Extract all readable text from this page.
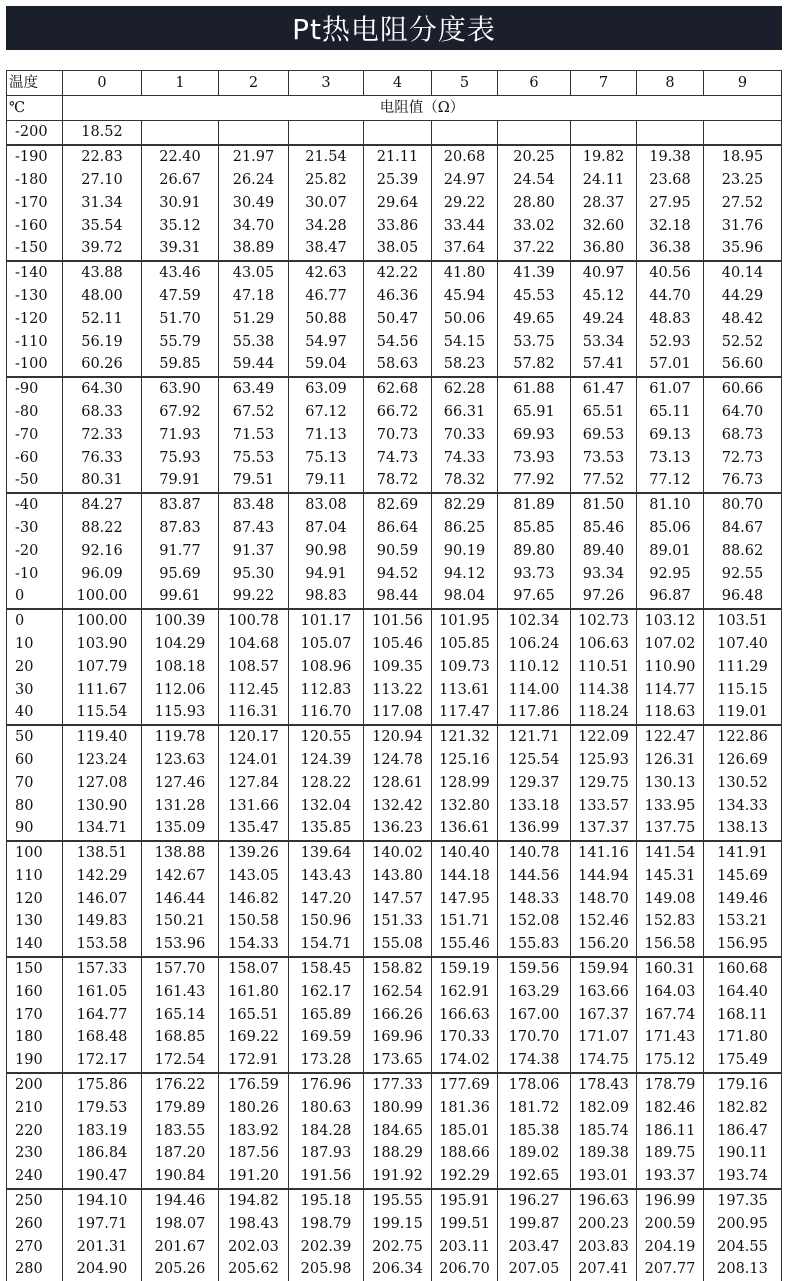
Pt热电阻分度表
温度	0	1	2	3	4	5	6	7	8	9
℃	电阻值（Ω）									
-200	18.52									
-190	22.83	22.40	21.97	21.54	21.11	20.68	20.25	19.82	19.38	18.95
-180	27.10	26.67	26.24	25.82	25.39	24.97	24.54	24.11	23.68	23.25
-170	31.34	30.91	30.49	30.07	29.64	29.22	28.80	28.37	27.95	27.52
-160	35.54	35.12	34.70	34.28	33.86	33.44	33.02	32.60	32.18	31.76
-150	39.72	39.31	38.89	38.47	38.05	37.64	37.22	36.80	36.38	35.96
-140	43.88	43.46	43.05	42.63	42.22	41.80	41.39	40.97	40.56	40.14
-130	48.00	47.59	47.18	46.77	46.36	45.94	45.53	45.12	44.70	44.29
-120	52.11	51.70	51.29	50.88	50.47	50.06	49.65	49.24	48.83	48.42
-110	56.19	55.79	55.38	54.97	54.56	54.15	53.75	53.34	52.93	52.52
-100	60.26	59.85	59.44	59.04	58.63	58.23	57.82	57.41	57.01	56.60
-90	64.30	63.90	63.49	63.09	62.68	62.28	61.88	61.47	61.07	60.66
-80	68.33	67.92	67.52	67.12	66.72	66.31	65.91	65.51	65.11	64.70
-70	72.33	71.93	71.53	71.13	70.73	70.33	69.93	69.53	69.13	68.73
-60	76.33	75.93	75.53	75.13	74.73	74.33	73.93	73.53	73.13	72.73
-50	80.31	79.91	79.51	79.11	78.72	78.32	77.92	77.52	77.12	76.73
-40	84.27	83.87	83.48	83.08	82.69	82.29	81.89	81.50	81.10	80.70
-30	88.22	87.83	87.43	87.04	86.64	86.25	85.85	85.46	85.06	84.67
-20	92.16	91.77	91.37	90.98	90.59	90.19	89.80	89.40	89.01	88.62
-10	96.09	95.69	95.30	94.91	94.52	94.12	93.73	93.34	92.95	92.55
0	100.00	99.61	99.22	98.83	98.44	98.04	97.65	97.26	96.87	96.48
0	100.00	100.39	100.78	101.17	101.56	101.95	102.34	102.73	103.12	103.51
10	103.90	104.29	104.68	105.07	105.46	105.85	106.24	106.63	107.02	107.40
20	107.79	108.18	108.57	108.96	109.35	109.73	110.12	110.51	110.90	111.29
30	111.67	112.06	112.45	112.83	113.22	113.61	114.00	114.38	114.77	115.15
40	115.54	115.93	116.31	116.70	117.08	117.47	117.86	118.24	118.63	119.01
50	119.40	119.78	120.17	120.55	120.94	121.32	121.71	122.09	122.47	122.86
60	123.24	123.63	124.01	124.39	124.78	125.16	125.54	125.93	126.31	126.69
70	127.08	127.46	127.84	128.22	128.61	128.99	129.37	129.75	130.13	130.52
80	130.90	131.28	131.66	132.04	132.42	132.80	133.18	133.57	133.95	134.33
90	134.71	135.09	135.47	135.85	136.23	136.61	136.99	137.37	137.75	138.13
100	138.51	138.88	139.26	139.64	140.02	140.40	140.78	141.16	141.54	141.91
110	142.29	142.67	143.05	143.43	143.80	144.18	144.56	144.94	145.31	145.69
120	146.07	146.44	146.82	147.20	147.57	147.95	148.33	148.70	149.08	149.46
130	149.83	150.21	150.58	150.96	151.33	151.71	152.08	152.46	152.83	153.21
140	153.58	153.96	154.33	154.71	155.08	155.46	155.83	156.20	156.58	156.95
150	157.33	157.70	158.07	158.45	158.82	159.19	159.56	159.94	160.31	160.68
160	161.05	161.43	161.80	162.17	162.54	162.91	163.29	163.66	164.03	164.40
170	164.77	165.14	165.51	165.89	166.26	166.63	167.00	167.37	167.74	168.11
180	168.48	168.85	169.22	169.59	169.96	170.33	170.70	171.07	171.43	171.80
190	172.17	172.54	172.91	173.28	173.65	174.02	174.38	174.75	175.12	175.49
200	175.86	176.22	176.59	176.96	177.33	177.69	178.06	178.43	178.79	179.16
210	179.53	179.89	180.26	180.63	180.99	181.36	181.72	182.09	182.46	182.82
220	183.19	183.55	183.92	184.28	184.65	185.01	185.38	185.74	186.11	186.47
230	186.84	187.20	187.56	187.93	188.29	188.66	189.02	189.38	189.75	190.11
240	190.47	190.84	191.20	191.56	191.92	192.29	192.65	193.01	193.37	193.74
250	194.10	194.46	194.82	195.18	195.55	195.91	196.27	196.63	196.99	197.35
260	197.71	198.07	198.43	198.79	199.15	199.51	199.87	200.23	200.59	200.95
270	201.31	201.67	202.03	202.39	202.75	203.11	203.47	203.83	204.19	204.55
280	204.90	205.26	205.62	205.98	206.34	206.70	207.05	207.41	207.77	208.13
